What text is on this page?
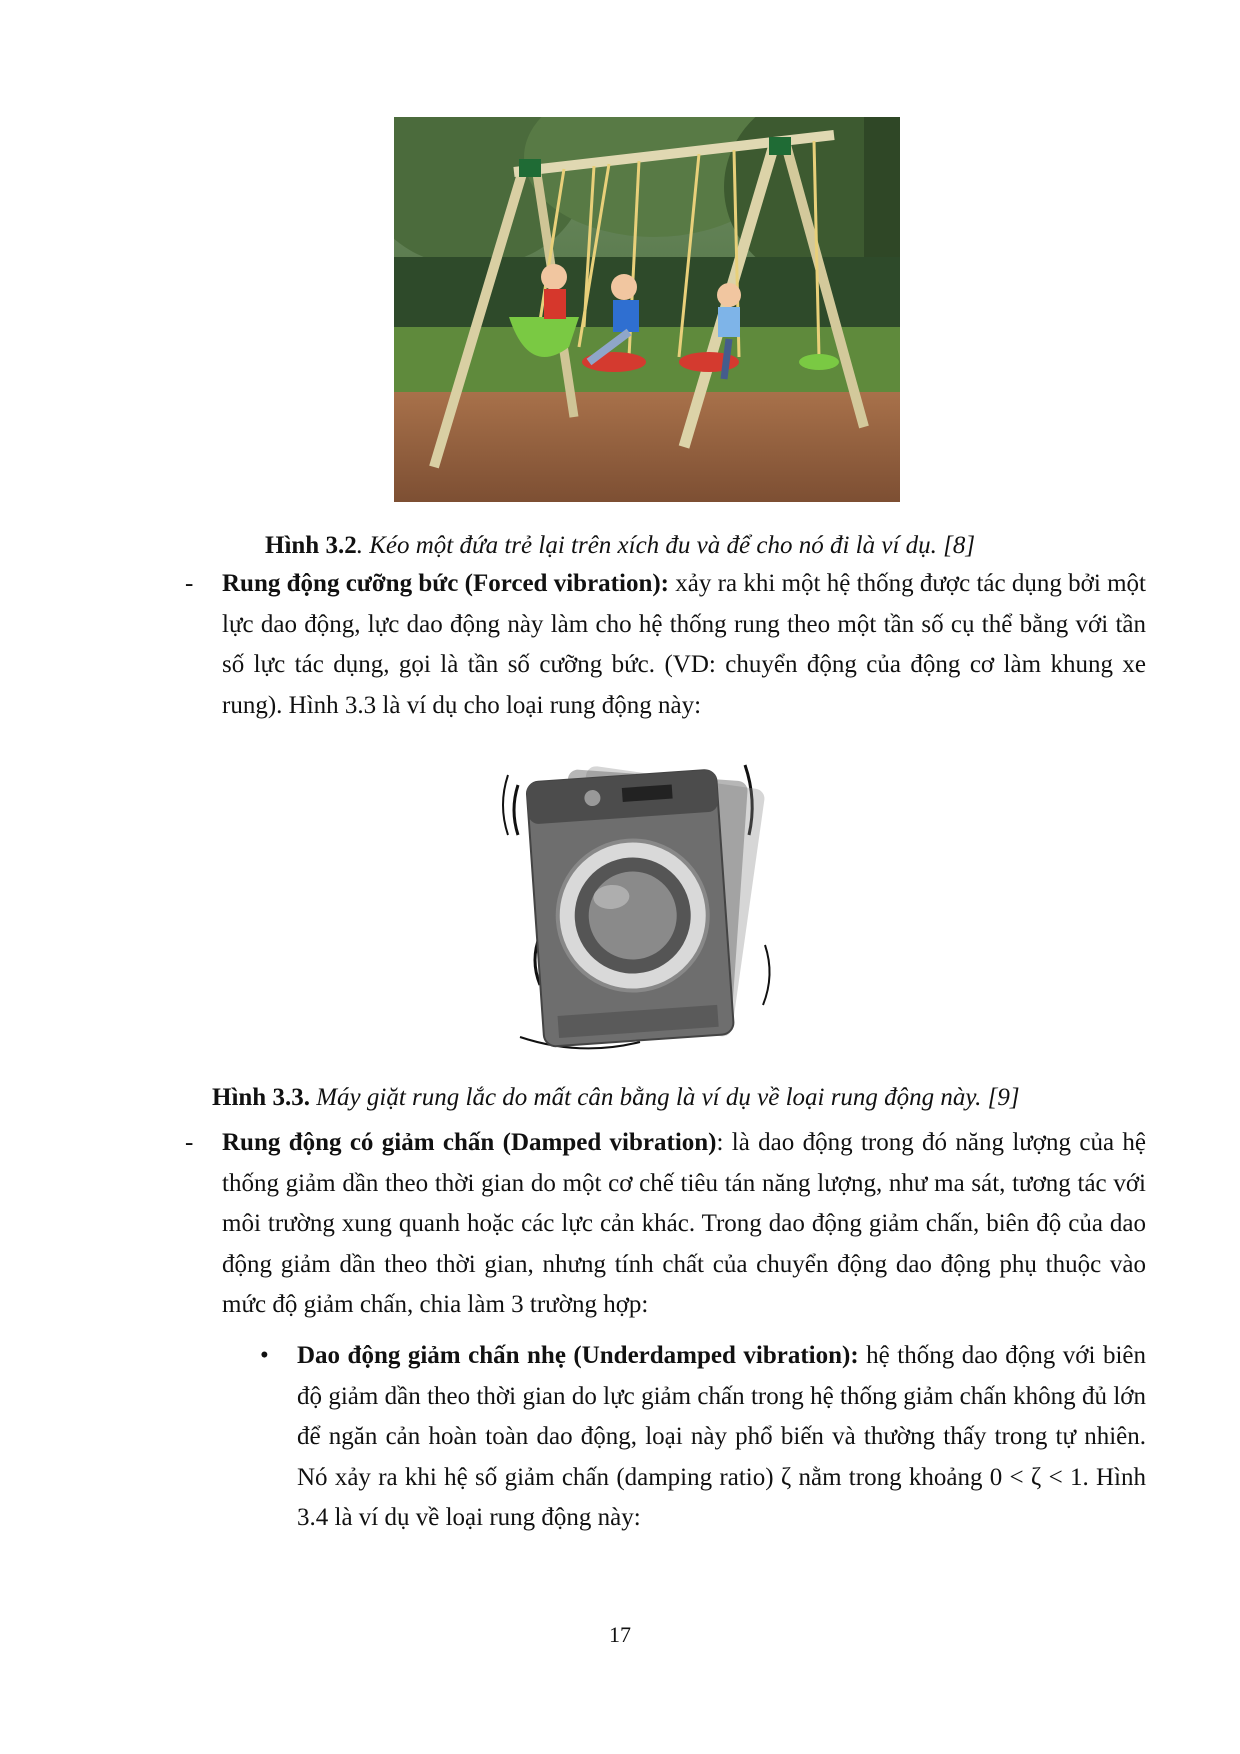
Hình 3.2. Kéo một đứa trẻ lại trên xích đu và để cho nó đi là ví dụ. [8]
- Rung động cưỡng bức (Forced vibration): xảy ra khi một hệ thống được tác dụng bởi một lực dao động, lực dao động này làm cho hệ thống rung theo một tần số cụ thể bằng với tần số lực tác dụng, gọi là tần số cưỡng bức. (VD: chuyển động của động cơ làm khung xe rung). Hình 3.3 là ví dụ cho loại rung động này:
Hình 3.3. Máy giặt rung lắc do mất cân bằng là ví dụ về loại rung động này. [9]
- Rung động có giảm chấn (Damped vibration): là dao động trong đó năng lượng của hệ thống giảm dần theo thời gian do một cơ chế tiêu tán năng lượng, như ma sát, tương tác với môi trường xung quanh hoặc các lực cản khác. Trong dao động giảm chấn, biên độ của dao động giảm dần theo thời gian, nhưng tính chất của chuyển động dao động phụ thuộc vào mức độ giảm chấn, chia làm 3 trường hợp:
• Dao động giảm chấn nhẹ (Underdamped vibration): hệ thống dao động với biên độ giảm dần theo thời gian do lực giảm chấn trong hệ thống giảm chấn không đủ lớn để ngăn cản hoàn toàn dao động, loại này phổ biến và thường thấy trong tự nhiên. Nó xảy ra khi hệ số giảm chấn (damping ratio) ζ nằm trong khoảng 0 < ζ < 1. Hình 3.4 là ví dụ về loại rung động này:
17
